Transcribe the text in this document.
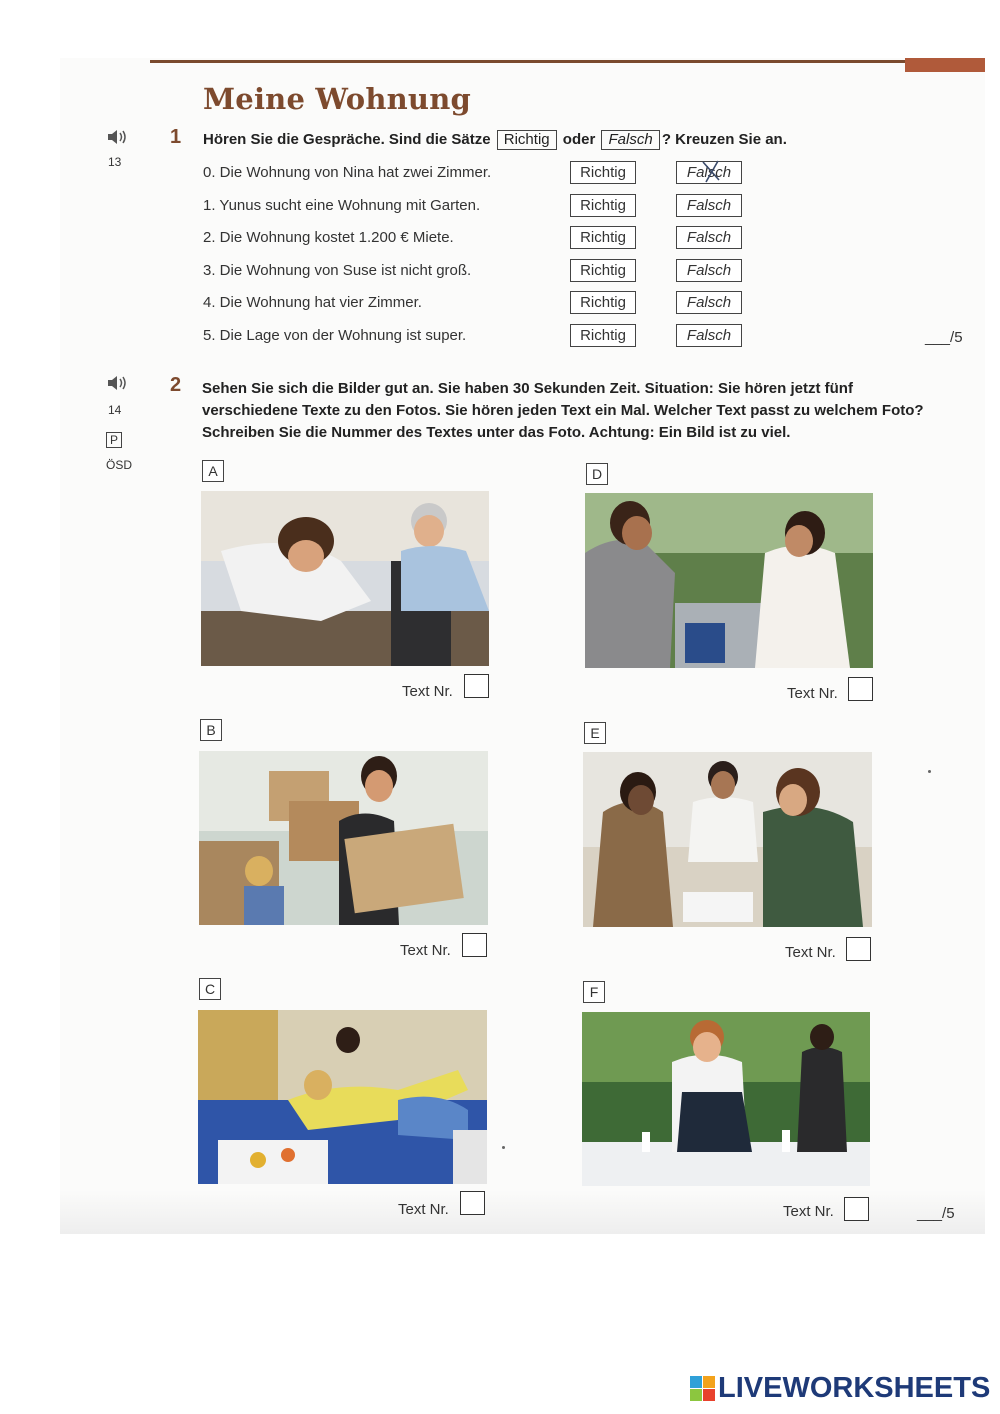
Meine Wohnung
13
1 Hören Sie die Gespräche. Sind die Sätze Richtig oder Falsch ? Kreuzen Sie an.
0. Die Wohnung von Nina hat zwei Zimmer.	Richtig	Falsch
1. Yunus sucht eine Wohnung mit Garten.	Richtig	Falsch
2. Die Wohnung kostet 1.200 € Miete.	Richtig	Falsch
3. Die Wohnung von Suse ist nicht groß.	Richtig	Falsch
4. Die Wohnung hat vier Zimmer.	Richtig	Falsch
5. Die Lage von der Wohnung ist super.	Richtig	Falsch	___/5
14
P
ÖSD
2 Sehen Sie sich die Bilder gut an. Sie haben 30 Sekunden Zeit. Situation: Sie hören jetzt fünf
verschiedene Texte zu den Fotos. Sie hören jeden Text ein Mal. Welcher Text passt zu welchem Foto?
Schreiben Sie die Nummer des Textes unter das Foto. Achtung: Ein Bild ist zu viel.
A
Text Nr.
D
Text Nr.
B
Text Nr.
E
Text Nr.
C
Text Nr.
F
Text Nr.	___/5
LIVEWORKSHEETS
